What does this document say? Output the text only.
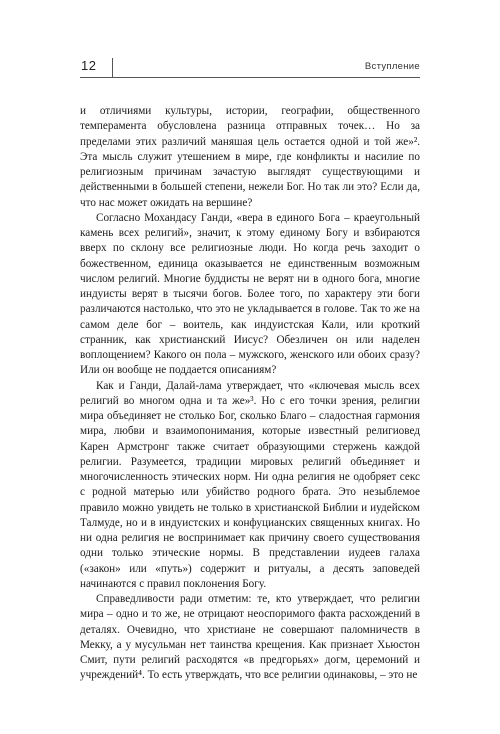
12	Вступление

и отличиями культуры, истории, географии, общественного темперамента обусловлена разница отправных точек… Но за пределами этих различий маняшая цель остается одной и той же»². Эта мысль служит утешением в мире, где конфликты и насилие по религиозным причинам зачастую выглядят существующими и действенными в большей степени, нежели Бог. Но так ли это? Если да, что нас может ожидать на вершине?

Согласно Мохандасу Ганди, «вера в единого Бога – краеугольный камень всех религий», значит, к этому единому Богу и взбираются вверх по склону все религиозные люди. Но когда речь заходит о божественном, единица оказывается не единственным возможным числом религий. Многие буддисты не верят ни в одного бога, многие индуисты верят в тысячи богов. Более того, по характеру эти боги различаются настолько, что это не укладывается в голове. Так то же на самом деле бог – воитель, как индуистская Кали, или кроткий странник, как христианский Иисус? Обезличен он или наделен воплощением? Какого он пола – мужского, женского или обоих сразу? Или он вообще не поддается описаниям?

Как и Ганди, Далай-лама утверждает, что «ключевая мысль всех религий во многом одна и та же»³. Но с его точки зрения, религии мира объединяет не столько Бог, сколько Благо – сладостная гармония мира, любви и взаимопонимания, которые известный религиовед Карен Армстронг также считает образующими стержень каждой религии. Разумеется, традиции мировых религий объединяет и многочисленность этических норм. Ни одна религия не одобряет секс с родной матерью или убийство родного брата. Это незыблемое правило можно увидеть не только в христианской Библии и иудейском Талмуде, но и в индуистских и конфуцианских священных книгах. Но ни одна религия не воспринимает как причину своего существования одни только этические нормы. В представлении иудеев галаха («закон» или «путь») содержит и ритуалы, а десять заповедей начинаются с правил поклонения Богу.

Справедливости ради отметим: те, кто утверждает, что религии мира – одно и то же, не отрицают неоспоримого факта расхождений в деталях. Очевидно, что христиане не совершают паломничеств в Мекку, а у мусульман нет таинства крещения. Как признает Хьюстон Смит, пути религий расходятся «в предгорьях» догм, церемоний и учреждений⁴. То есть утверждать, что все религии одинаковы, – это не
